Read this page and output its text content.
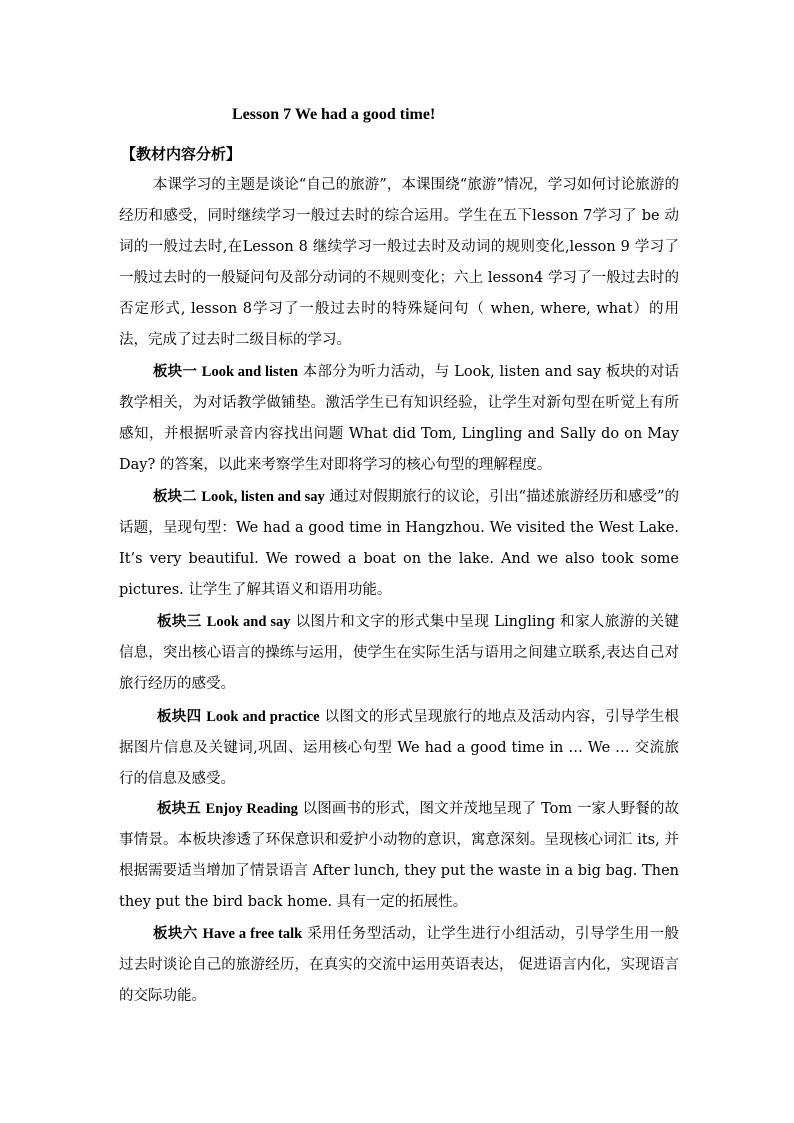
Lesson 7 We had a good time!
【教材内容分析】
本课学习的主题是谈论“自己的旅游”，本课围绕“旅游”情况，学习如何讨论旅游的经历和感受，同时继续学习一般过去时的综合运用。学生在五下lesson 7学习了 be 动词的一般过去时,在Lesson 8 继续学习一般过去时及动词的规则变化,lesson 9 学习了一般过去时的一般疑问句及部分动词的不规则变化；六上 lesson4 学习了一般过去时的否定形式, lesson 8学习了一般过去时的特殊疑问句（ when, where, what）的用法，完成了过去时二级目标的学习。
板块一 Look and listen 本部分为听力活动，与 Look, listen and say 板块的对话教学相关，为对话教学做铺垫。激活学生已有知识经验，让学生对新句型在听觉上有所感知，并根据听录音内容找出问题 What did Tom, Lingling and Sally do on May Day? 的答案，以此来考察学生对即将学习的核心句型的理解程度。
板块二 Look, listen and say 通过对假期旅行的议论，引出“描述旅游经历和感受”的话题，呈现句型：We had a good time in Hangzhou. We visited the West Lake. It’s very beautiful. We rowed a boat on the lake. And we also took some pictures. 让学生了解其语义和语用功能。
板块三 Look and say 以图片和文字的形式集中呈现 Lingling 和家人旅游的关键信息，突出核心语言的操练与运用，使学生在实际生活与语用之间建立联系,表达自己对旅行经历的感受。
板块四 Look and practice 以图文的形式呈现旅行的地点及活动内容，引导学生根据图片信息及关键词,巩固、运用核心句型 We had a good time in … We … 交流旅行的信息及感受。
板块五 Enjoy Reading 以图画书的形式，图文并茂地呈现了 Tom 一家人野餐的故事情景。本板块渗透了环保意识和爱护小动物的意识，寓意深刻。呈现核心词汇 its, 并根据需要适当增加了情景语言 After lunch, they put the waste in a big bag. Then they put the bird back home. 具有一定的拓展性。
板块六 Have a free talk 采用任务型活动，让学生进行小组活动，引导学生用一般过去时谈论自己的旅游经历，在真实的交流中运用英语表达， 促进语言内化，实现语言的交际功能。
